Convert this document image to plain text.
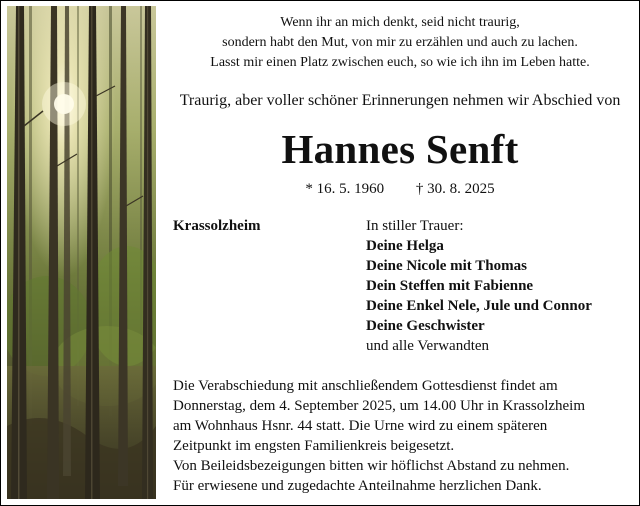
Wenn ihr an mich denkt, seid nicht traurig,
sondern habt den Mut, von mir zu erzählen und auch zu lachen.
Lasst mir einen Platz zwischen euch, so wie ich ihn im Leben hatte.
Traurig, aber voller schöner Erinnerungen nehmen wir Abschied von
Hannes Senft
* 16. 5. 1960 † 30. 8. 2025
Krassolzheim	In stiller Trauer:
Deine Helga
Deine Nicole mit Thomas
Dein Steffen mit Fabienne
Deine Enkel Nele, Jule und Connor
Deine Geschwister
und alle Verwandten
Die Verabschiedung mit anschließendem Gottesdienst findet am
Donnerstag, dem 4. September 2025, um 14.00 Uhr in Krassolzheim
am Wohnhaus Hsnr. 44 statt. Die Urne wird zu einem späteren
Zeitpunkt im engsten Familienkreis beigesetzt.
Von Beileidsbezeigungen bitten wir höflichst Abstand zu nehmen.
Für erwiesene und zugedachte Anteilnahme herzlichen Dank.
